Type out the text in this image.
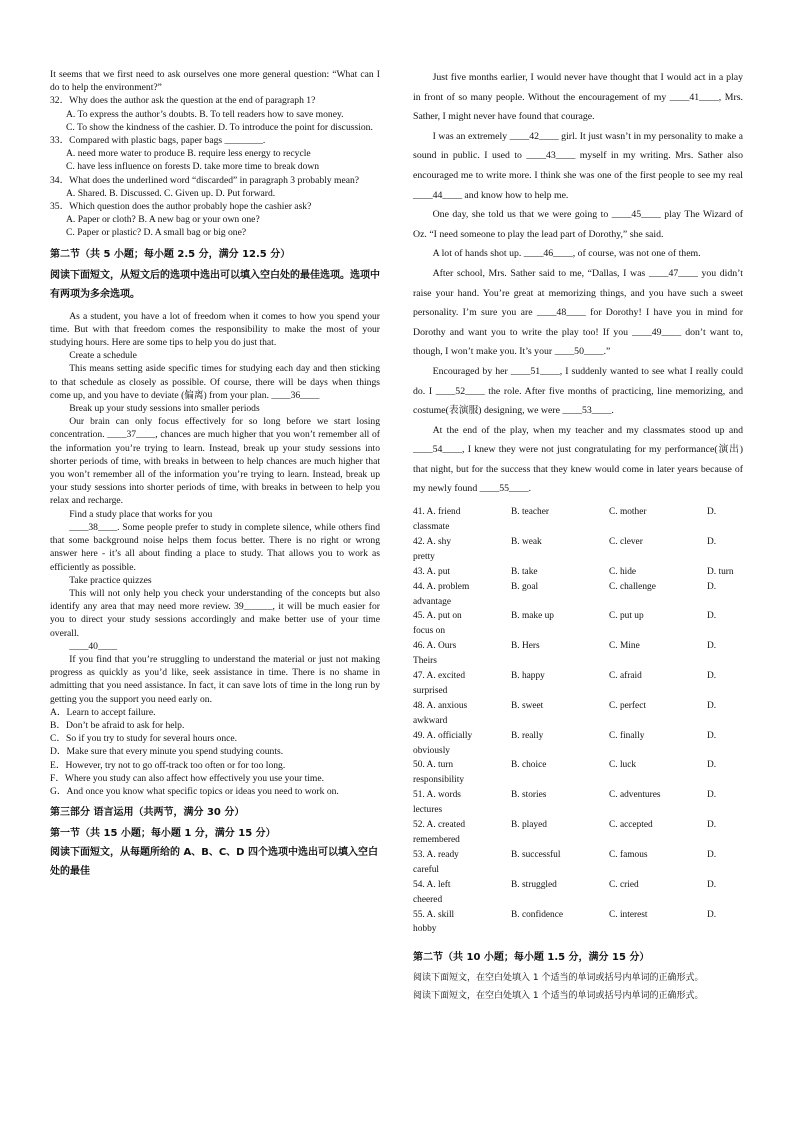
It seems that we first need to ask ourselves one more general question: “What can I do to help the environment?”

32．Why does the author ask the question at the end of paragraph 1?

A. To express the author’s doubts. B. To tell readers how to save money.

C. To show the kindness of the cashier. D. To introduce the point for discussion.

33．Compared with plastic bags, paper bags ________.

A. need more water to produce B. require less energy to recycle

C. have less influence on forests D. take more time to break down

34．What does the underlined word “discarded” in paragraph 3 probably mean?

A. Shared. B. Discussed. C. Given up. D. Put forward.

35．Which question does the author probably hope the cashier ask?

A. Paper or cloth? B. A new bag or your own one?

C. Paper or plastic? D. A small bag or big one?

第二节（共 5 小题；每小题 2.5 分，满分 12.5 分）

阅读下面短文，从短文后的选项中选出可以填入空白处的最佳选项。选项中有两项为多余选项。

As a student, you have a lot of freedom when it comes to how you spend your time. But with that freedom comes the responsibility to make the most of your studying hours. Here are some tips to help you do just that.

Create a schedule

This means setting aside specific times for studying each day and then sticking to that schedule as closely as possible. Of course, there will be days when things come up, and you have to deviate (偏离) from your plan. ____36____

Break up your study sessions into smaller periods

Our brain can only focus effectively for so long before we start losing concentration. ____37____, chances are much higher that you won’t remember all of the information you’re trying to learn. Instead, break up your study sessions into shorter periods of time, with breaks in between to help chances are much higher that you won’t remember all of the information you’re trying to learn. Instead, break up your study sessions into shorter periods of time, with breaks in between to help you relax and recharge.

Find a study place that works for you

____38____. Some people prefer to study in complete silence, while others find that some background noise helps them focus better. There is no right or wrong answer here - it’s all about finding a place to study. That allows you to work as efficiently as possible.

Take practice quizzes

This will not only help you check your understanding of the concepts but also identify any area that may need more review. 39______, it will be much easier for you to direct your study sessions accordingly and make better use of your time overall.

____40____

If you find that you’re struggling to understand the material or just not making progress as quickly as you’d like, seek assistance in time. There is no shame in admitting that you need assistance. In fact, it can save lots of time in the long run by getting you the support you need early on.

A．Learn to accept failure.

B．Don’t be afraid to ask for help.

C．So if you try to study for several hours once.

D．Make sure that every minute you spend studying counts.

E．However, try not to go off-track too often or for too long.

F．Where you study can also affect how effectively you use your time.

G．And once you know what specific topics or ideas you need to work on.

第三部分 语言运用（共两节，满分 30 分）

第一节（共 15 小题；每小题 1 分，满分 15 分）

阅读下面短文，从每题所给的 A、B、C、D 四个选项中选出可以填入空白处的最佳

Just five months earlier, I would never have thought that I would act in a play in front of so many people. Without the encouragement of my ____41____, Mrs. Sather, I might never have found that courage.

I was an extremely ____42____ girl. It just wasn’t in my personality to make a sound in public. I used to ____43____ myself in my writing. Mrs. Sather also encouraged me to write more. I think she was one of the first people to see my real ____44____ and know how to help me.

One day, she told us that we were going to ____45____ play The Wizard of Oz. “I need someone to play the lead part of Dorothy,” she said.

A lot of hands shot up. ____46____, of course, was not one of them.

After school, Mrs. Sather said to me, “Dallas, I was ____47____ you didn’t raise your hand. You’re great at memorizing things, and you have such a sweet personality. I’m sure you are ____48____ for Dorothy! I have you in mind for Dorothy and want you to write the play too! If you ____49____ don’t want to, though, I won’t make you. It’s your ____50____.”

Encouraged by her ____51____, I suddenly wanted to see what I really could do. I ____52____ the role. After five months of practicing, line memorizing, and costume(表演服) designing, we were ____53____.

At the end of the play, when my teacher and my classmates stood up and ____54____, I knew they were not just congratulating for my performance(演出) that night, but for the success that they knew would come in later years because of my newly found ____55____.

41. A. friend	B. teacher	C. mother	D.
classmate
42. A. shy	B. weak	C. clever	D.
pretty
43. A. put	B. take	C. hide	D. turn
44. A. problem	B. goal	C. challenge	D.
advantage
45. A. put on	B. make up	C. put up	D.
focus on
46. A. Ours	B. Hers	C. Mine	D.
Theirs
47. A. excited	B. happy	C. afraid	D.
surprised
48. A. anxious	B. sweet	C. perfect	D.
awkward
49. A. officially	B. really	C. finally	D.
obviously
50. A. turn	B. choice	C. luck	D.
responsibility
51. A. words	B. stories	C. adventures	D.
lectures
52. A. created	B. played	C. accepted	D.
remembered
53. A. ready	B. successful	C. famous	D.
careful
54. A. left	B. struggled	C. cried	D.
cheered
55. A. skill	B. confidence	C. interest	D.
hobby

第二节（共 10 小题；每小题 1.5 分，满分 15 分）

阅读下面短文，在空白处填入 1 个适当的单词或括号内单词的正确形式。

阅读下面短文，在空白处填入 1 个适当的单词或括号内单词的正确形式。
